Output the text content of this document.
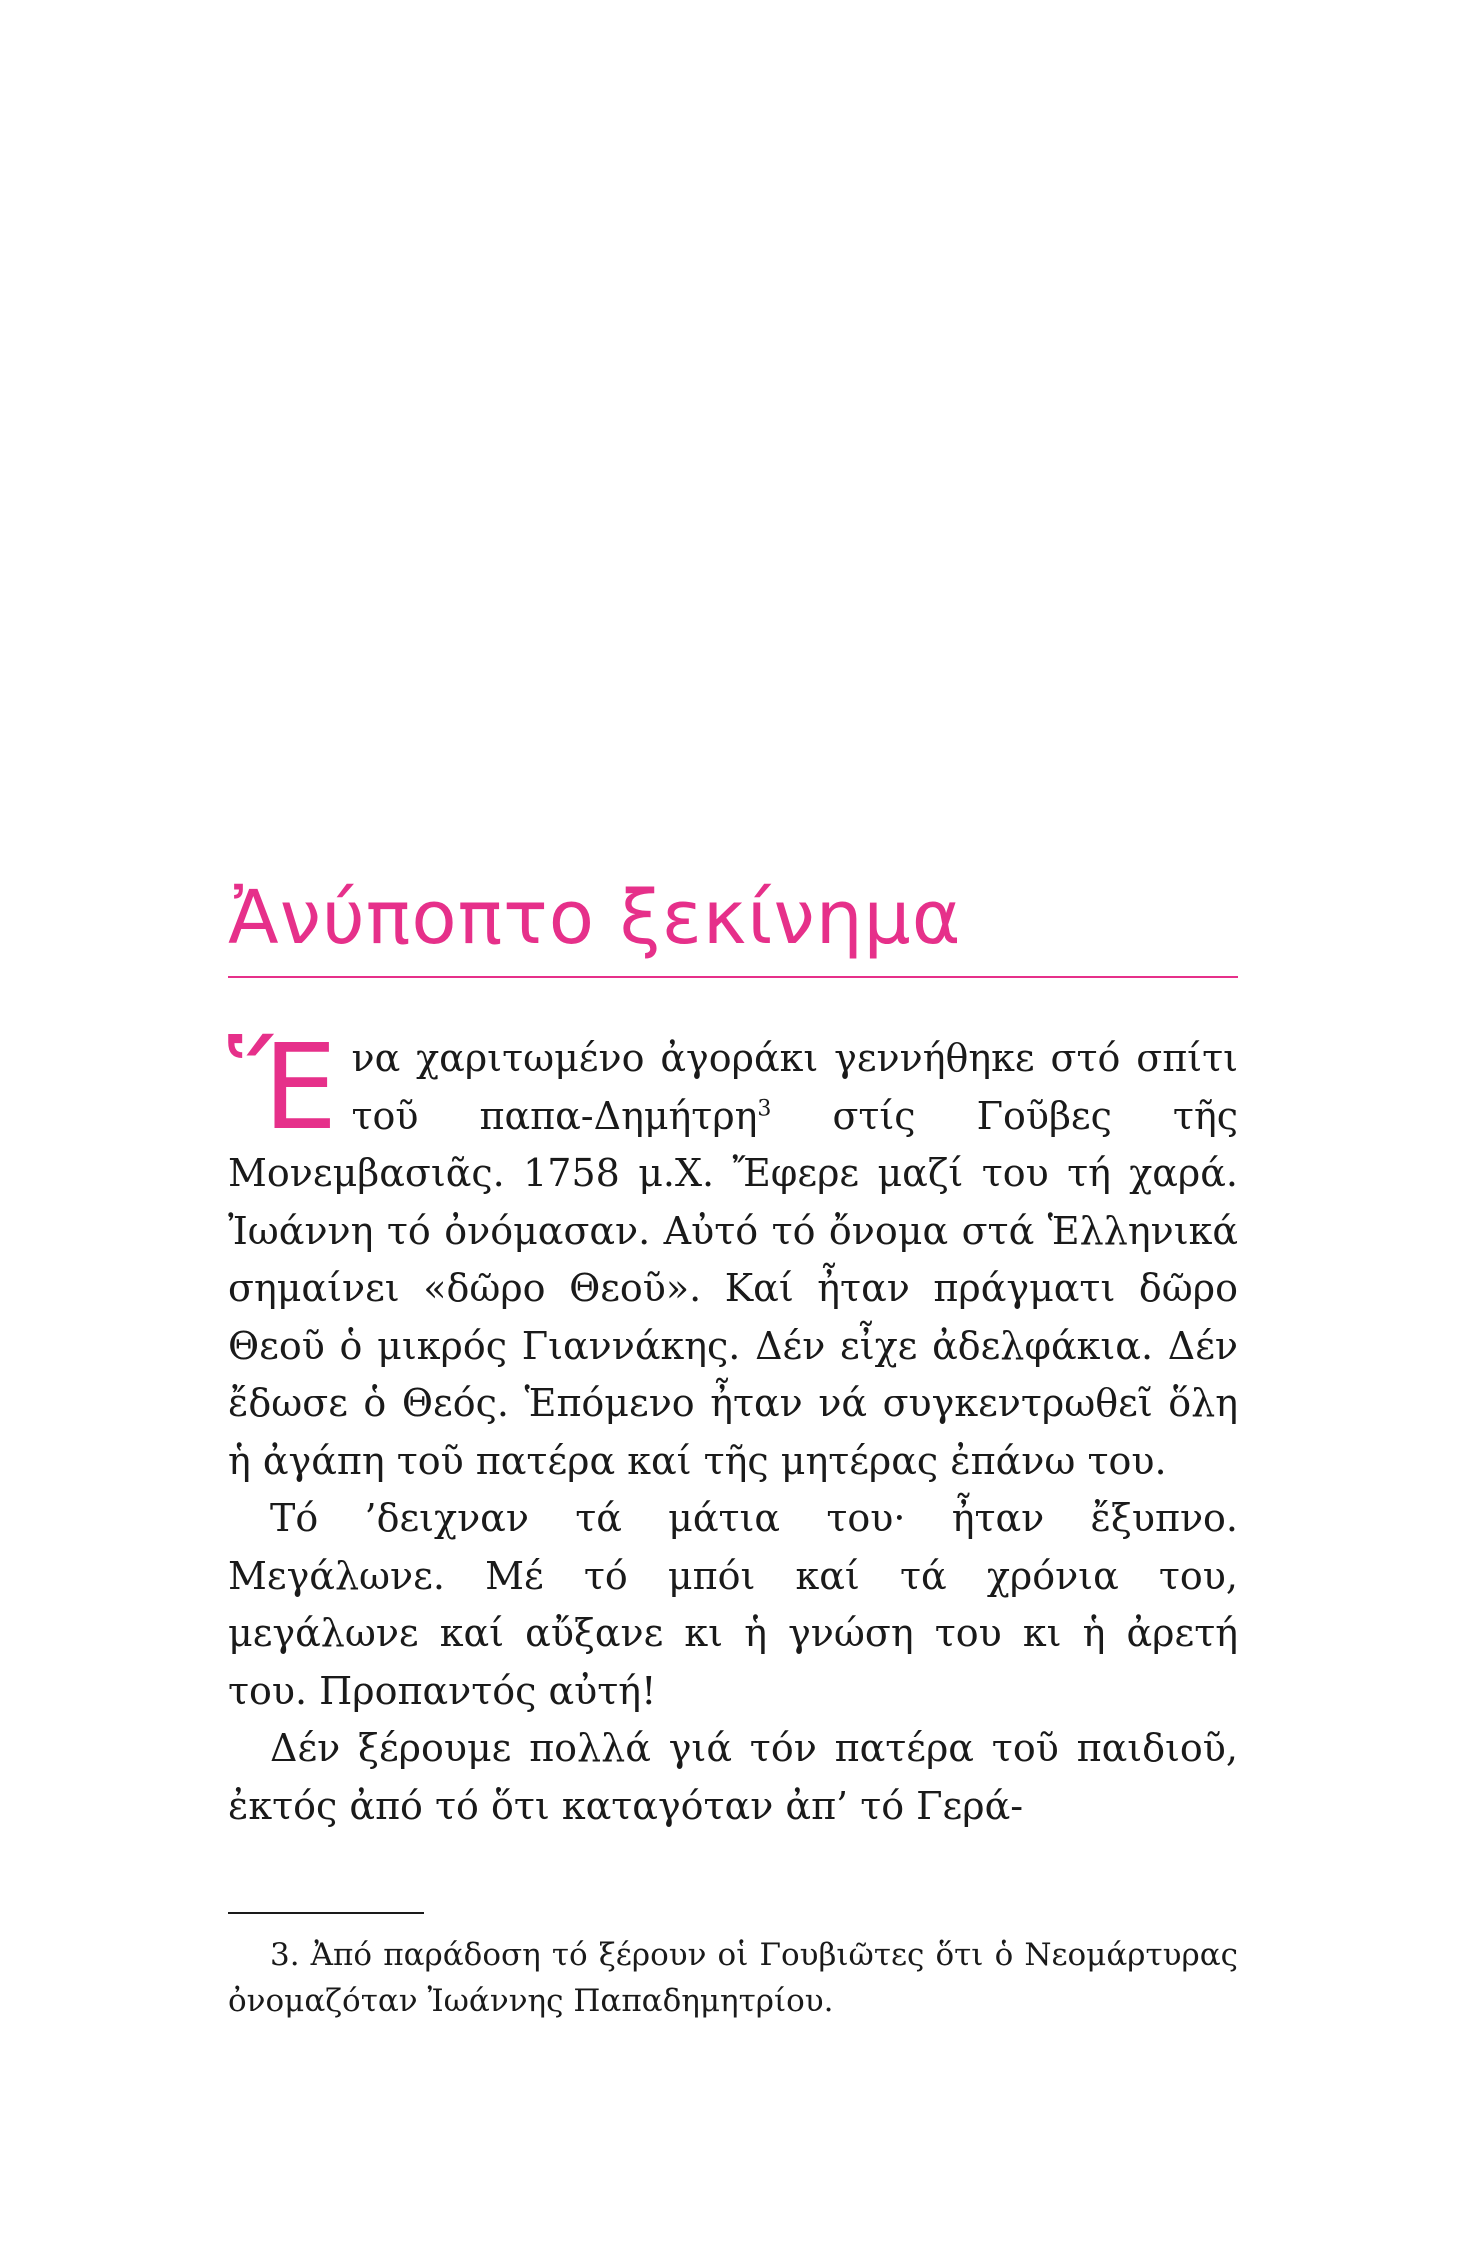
Ἀνύποπτο ξεκίνημα

Ἕνα χαριτωμένο ἀγοράκι γεννήθηκε στό σπίτι τοῦ παπα-Δημήτρη$^3$ στίς Γοῦβες τῆς Μονεμβασιᾶς. 1758 μ.Χ. Ἔφερε μαζί του τή χαρά. Ἰωάννη τό ὀνόμασαν. Αὐτό τό ὄνομα στά Ἑλληνικά σημαίνει «δῶρο Θεοῦ». Καί ἦταν πράγματι δῶρο Θεοῦ ὁ μικρός Γιαννάκης. Δέν εἶχε ἀδελφάκια. Δέν ἔδωσε ὁ Θεός. Ἑπόμενο ἦταν νά συγκεντρωθεῖ ὅλη ἡ ἀγάπη τοῦ πατέρα καί τῆς μητέρας ἐπάνω του.

Τό ’δειχναν τά μάτια του· ἦταν ἔξυπνο. Μεγάλωνε. Μέ τό μπόι καί τά χρόνια του, μεγάλωνε καί αὔξανε κι ἡ γνώση του κι ἡ ἀρετή του. Προπαντός αὐτή!

Δέν ξέρουμε πολλά γιά τόν πατέρα τοῦ παιδιοῦ, ἐκτός ἀπό τό ὅτι καταγόταν ἀπ’ τό Γερά-

3. Ἀπό παράδοση τό ξέρουν οἱ Γουβιῶτες ὅτι ὁ Νεομάρτυρας ὀνομαζόταν Ἰωάννης Παπαδημητρίου.
